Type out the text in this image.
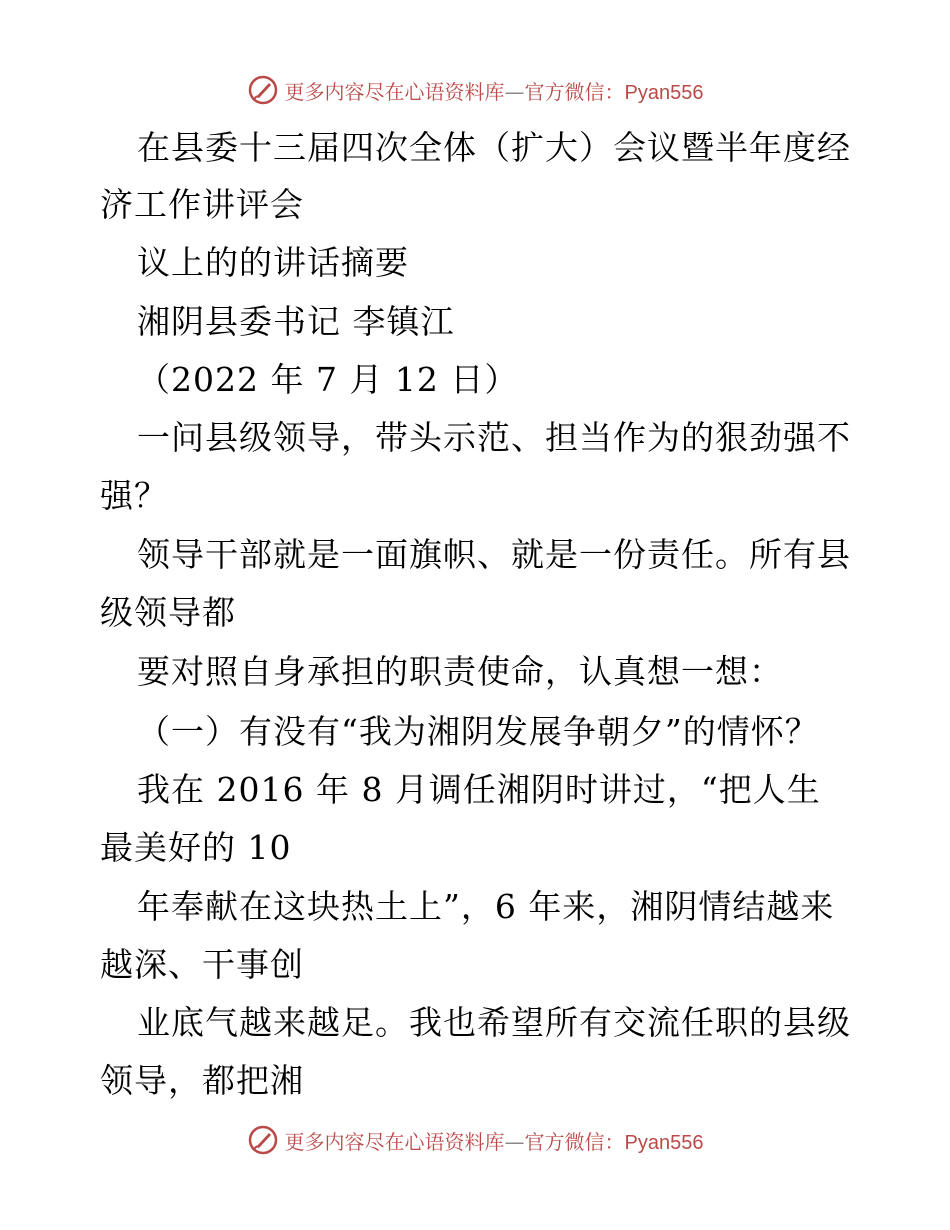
更多内容尽在心语资料库—官方微信：Pyan556
在县委十三届四次全体（扩大）会议暨半年度经
济工作讲评会
议上的的讲话摘要
湘阴县委书记 李镇江
（2022 年 7 月 12 日）
一问县级领导，带头示范、担当作为的狠劲强不
强？
领导干部就是一面旗帜、就是一份责任。所有县
级领导都
要对照自身承担的职责使命，认真想一想：
（一）有没有“我为湘阴发展争朝夕”的情怀？
我在 2016 年 8 月调任湘阴时讲过，“把人生
最美好的 10
年奉献在这块热土上”，6 年来，湘阴情结越来
越深、干事创
业底气越来越足。我也希望所有交流任职的县级
领导，都把湘
更多内容尽在心语资料库—官方微信：Pyan556
